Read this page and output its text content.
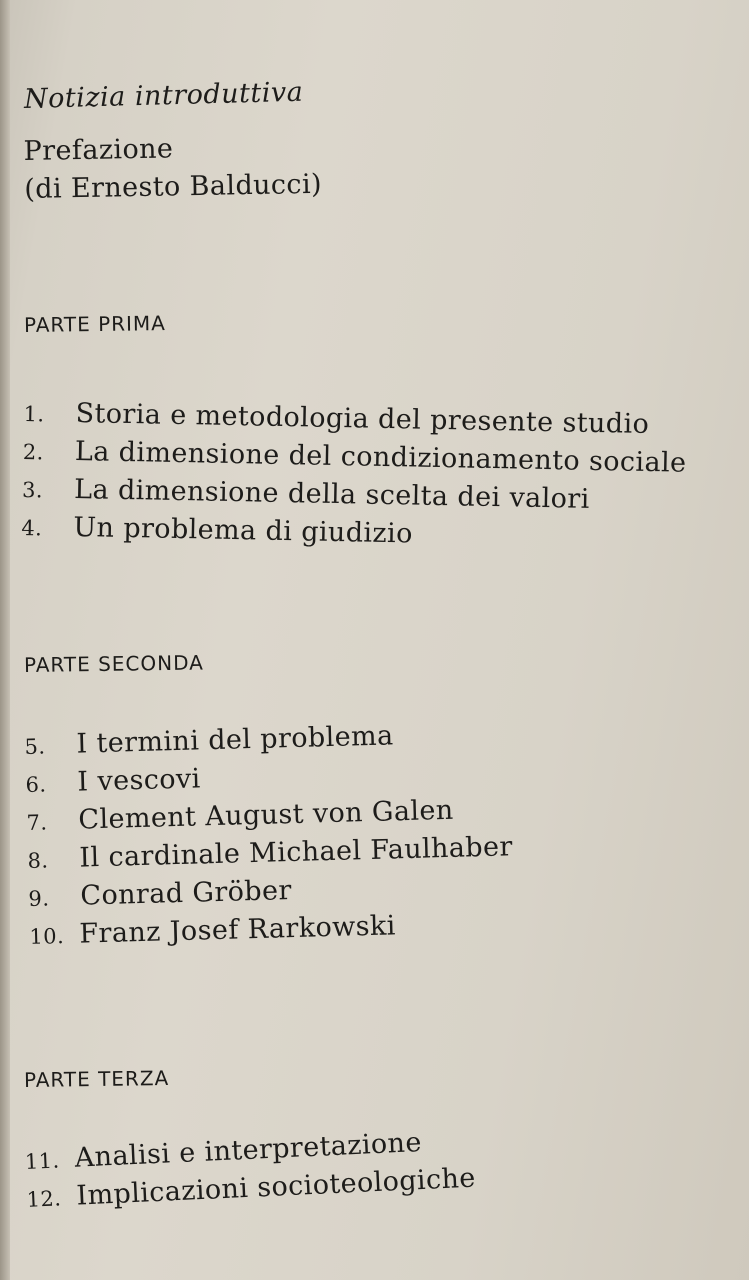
Notizia introduttiva
Prefazione
(di Ernesto Balducci)
PARTE PRIMA
1. Storia e metodologia del presente studio
2. La dimensione del condizionamento sociale
3. La dimensione della scelta dei valori
4. Un problema di giudizio
PARTE SECONDA
5. I termini del problema
6. I vescovi
7. Clement August von Galen
8. Il cardinale Michael Faulhaber
9. Conrad Gröber
10. Franz Josef Rarkowski
PARTE TERZA
11. Analisi e interpretazione
12. Implicazioni socioteologiche
